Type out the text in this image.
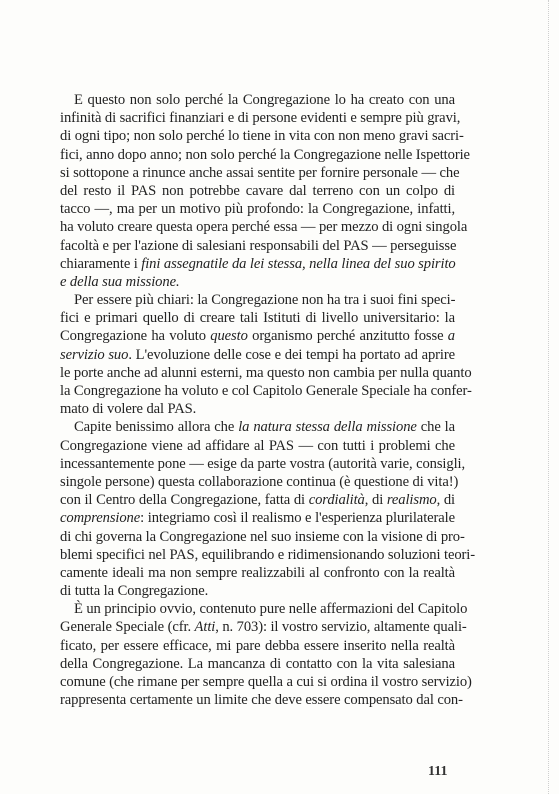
E questo non solo perché la Congregazione lo ha creato con una
infinità di sacrifici finanziari e di persone evidenti e sempre più gravi,
di ogni tipo; non solo perché lo tiene in vita con non meno gravi sacri-
fici, anno dopo anno; non solo perché la Congregazione nelle Ispettorie
si sottopone a rinunce anche assai sentite per fornire personale — che
del resto il PAS non potrebbe cavare dal terreno con un colpo di
tacco —, ma per un motivo più profondo: la Congregazione, infatti,
ha voluto creare questa opera perché essa — per mezzo di ogni singola
facoltà e per l'azione di salesiani responsabili del PAS — perseguisse
chiaramente i fini assegnatile da lei stessa, nella linea del suo spirito
e della sua missione.
Per essere più chiari: la Congregazione non ha tra i suoi fini speci-
fici e primari quello di creare tali Istituti di livello universitario: la
Congregazione ha voluto questo organismo perché anzitutto fosse a
servizio suo. L'evoluzione delle cose e dei tempi ha portato ad aprire
le porte anche ad alunni esterni, ma questo non cambia per nulla quanto
la Congregazione ha voluto e col Capitolo Generale Speciale ha confer-
mato di volere dal PAS.
Capite benissimo allora che la natura stessa della missione che la
Congregazione viene ad affidare al PAS — con tutti i problemi che
incessantemente pone — esige da parte vostra (autorità varie, consigli,
singole persone) questa collaborazione continua (è questione di vita!)
con il Centro della Congregazione, fatta di cordialità, di realismo, di
comprensione: integriamo così il realismo e l'esperienza plurilaterale
di chi governa la Congregazione nel suo insieme con la visione di pro-
blemi specifici nel PAS, equilibrando e ridimensionando soluzioni teori-
camente ideali ma non sempre realizzabili al confronto con la realtà
di tutta la Congregazione.
È un principio ovvio, contenuto pure nelle affermazioni del Capitolo
Generale Speciale (cfr. Atti, n. 703): il vostro servizio, altamente quali-
ficato, per essere efficace, mi pare debba essere inserito nella realtà
della Congregazione. La mancanza di contatto con la vita salesiana
comune (che rimane per sempre quella a cui si ordina il vostro servizio)
rappresenta certamente un limite che deve essere compensato dal con-
111
